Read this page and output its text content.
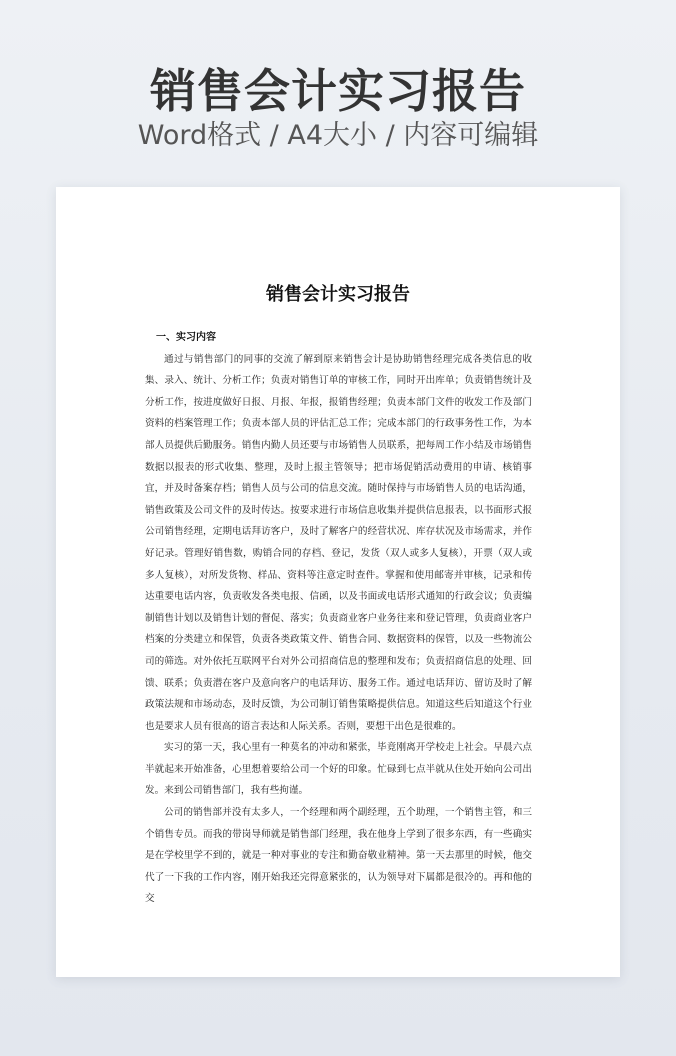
销售会计实习报告
Word格式 / A4大小 / 内容可编辑
销售会计实习报告

一、实习内容

通过与销售部门的同事的交流了解到原来销售会计是协助销售经理完成各类信息的收集、录入、统计、分析工作；负责对销售订单的审核工作，同时开出库单；负责销售统计及分析工作，按进度做好日报、月报、年报，报销售经理；负责本部门文件的收发工作及部门资料的档案管理工作；负责本部人员的评估汇总工作；完成本部门的行政事务性工作，为本部人员提供后勤服务。销售内勤人员还要与市场销售人员联系，把每周工作小结及市场销售数据以报表的形式收集、整理，及时上报主管领导；把市场促销活动费用的申请、核销事宜，并及时备案存档；销售人员与公司的信息交流。随时保持与市场销售人员的电话沟通，销售政策及公司文件的及时传达。按要求进行市场信息收集并提供信息报表，以书面形式报公司销售经理，定期电话拜访客户，及时了解客户的经营状况、库存状况及市场需求，并作好记录。管理好销售数，购销合同的存档、登记，发货（双人或多人复核），开票（双人或多人复核），对所发货物、样品、资料等注意定时查件。掌握和使用邮寄并审核，记录和传达重要电话内容，负责收发各类电报、信函，以及书面或电话形式通知的行政会议；负责编制销售计划以及销售计划的督促、落实；负责商业客户业务往来和登记管理，负责商业客户档案的分类建立和保管，负责各类政策文件、销售合同、数据资料的保管，以及一些物流公司的筛选。对外依托互联网平台对外公司招商信息的整理和发布；负责招商信息的处理、回馈、联系；负责潜在客户及意向客户的电话拜访、服务工作。通过电话拜访、留访及时了解政策法规和市场动态，及时反馈，为公司制订销售策略提供信息。知道这些后知道这个行业也是要求人员有很高的语言表达和人际关系。否则，要想干出色是很难的。

实习的第一天，我心里有一种莫名的冲动和紧张，毕竟刚离开学校走上社会。早晨六点半就起来开始准备，心里想着要给公司一个好的印象。忙碌到七点半就从住处开始向公司出发。来到公司销售部门，我有些拘谨。

公司的销售部并没有太多人，一个经理和两个副经理，五个助理，一个销售主管，和三个销售专员。而我的带岗导师就是销售部门经理，我在他身上学到了很多东西，有一些确实是在学校里学不到的，就是一种对事业的专注和勤奋敬业精神。第一天去那里的时候，他交代了一下我的工作内容，刚开始我还完得意紧张的，认为领导对下属都是很冷的。再和他的交
